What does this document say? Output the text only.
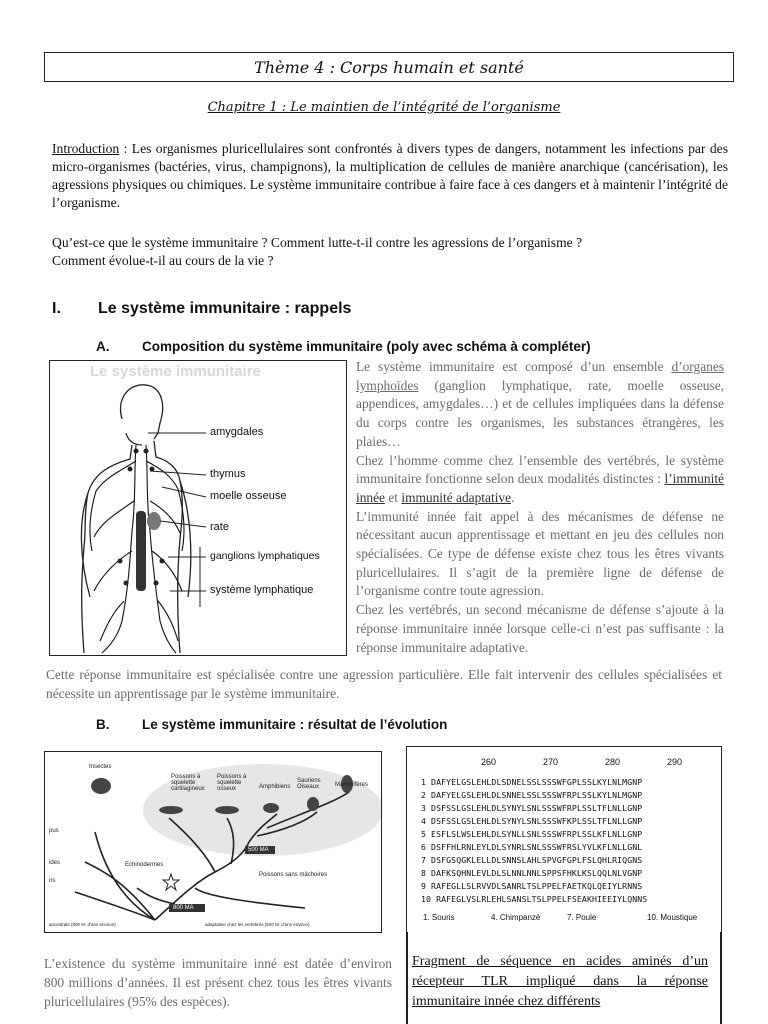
Thème 4 : Corps humain et santé
Chapitre 1 : Le maintien de l’intégrité de l’organisme
Introduction : Les organismes pluricellulaires sont confrontés à divers types de dangers, notamment les infections par des micro-organismes (bactéries, virus, champignons), la multiplication de cellules de manière anarchique (cancérisation), les agressions physiques ou chimiques. Le système immunitaire contribue à faire face à ces dangers et à maintenir l’intégrité de l’organisme.
Qu’est-ce que le système immunitaire ? Comment lutte-t-il contre les agressions de l’organisme ?
Comment évolue-t-il au cours de la vie ?
I. Le système immunitaire : rappels
A. Composition du système immunitaire (poly avec schéma à compléter)
Le système immunitaire
amygdales
thymus
moelle osseuse
rate
ganglions lymphatiques
système lymphatique
Le système immunitaire est composé d’un ensemble d’organes lymphoïdes (ganglion lymphatique, rate, moelle osseuse, appendices, amygdales…) et de cellules impliquées dans la défense du corps contre les organismes, les substances étrangères, les plaies…
Chez l’homme comme chez l’ensemble des vertébrés, le système immunitaire fonctionne selon deux modalités distinctes : l’immunité innée et immunité adaptative.
L’immunité innée fait appel à des mécanismes de défense ne nécessitant aucun apprentissage et mettant en jeu des cellules non spécialisées. Ce type de défense existe chez tous les êtres vivants pluricellulaires. Il s’agit de la première ligne de défense de l’organisme contre toute agression.
Chez les vertébrés, un second mécanisme de défense s’ajoute à la réponse immunitaire innée lorsque celle-ci n’est pas suffisante : la réponse immunitaire adaptative.
Cette réponse immunitaire est spécialisée contre une agression particulière. Elle fait intervenir des cellules spécialisées et nécessite un apprentissage par le système immunitaire.
B. Le système immunitaire : résultat de l’évolution
Insectes
Poissons à squelette cartilagineux
Poissons à squelette osseux	Amphibiens
Sauriens Oiseaux	Mammifères
Echinodermes
Poissons sans mâchoires
pus
ides
ns
500 MA
800 MA
ancestrale (800 M. d’ans environ)	adaptative chez les vertébrés (500 M. d’ans environ)
260	270	280	290
1 DAFYELGSLEHLDLSDNELSSLSSSWFGPLSSLKYLNLMGNP
2 DAFYELGSLEHLDLSNNELSSLSSSWFRPLSSLKYLNLMGNP
3 DSFSSLGSLEHLDLSYNYLSNLSSSWFRPLSSLTFLNLLGNP
4 DSFSSLGSLEHLDLSYNYLSNLSSSWFKPLSSLTFLNLLGNP
5 ESFLSLWSLEHLDLSYNLLSNLSSSWFRPLSSLKFLNLLGNP
6 DSFFHLRNLEYLDLSYNRLSNLSSSWFRSLYVLKFLNLLGNL
7 DSFGSQGKLELLDLSNNSLAHLSPVGFGPLFSLQHLRIQGNS
8 DAFKSQHNLEVLDLSLNNLNNLSPPSFHKLKSLQQLNLVGNP
9 RAFEGLLSLRVVDLSANRLTSLPPELFAETKQLQEIYLRNNS
10 RAFEGLVSLRLEHLSANSLTSLPPELFSEAKHIEEIYLQNNS
1. Souris	4. Chimpanzé	7. Poule	10. Moustique
Fragment de séquence en acides aminés d’un récepteur TLR impliqué dans la réponse immunitaire innée chez différents
L’existence du système immunitaire inné est datée d’environ 800 millions d’années. Il est présent chez tous les êtres vivants pluricellulaires (95% des espèces).
